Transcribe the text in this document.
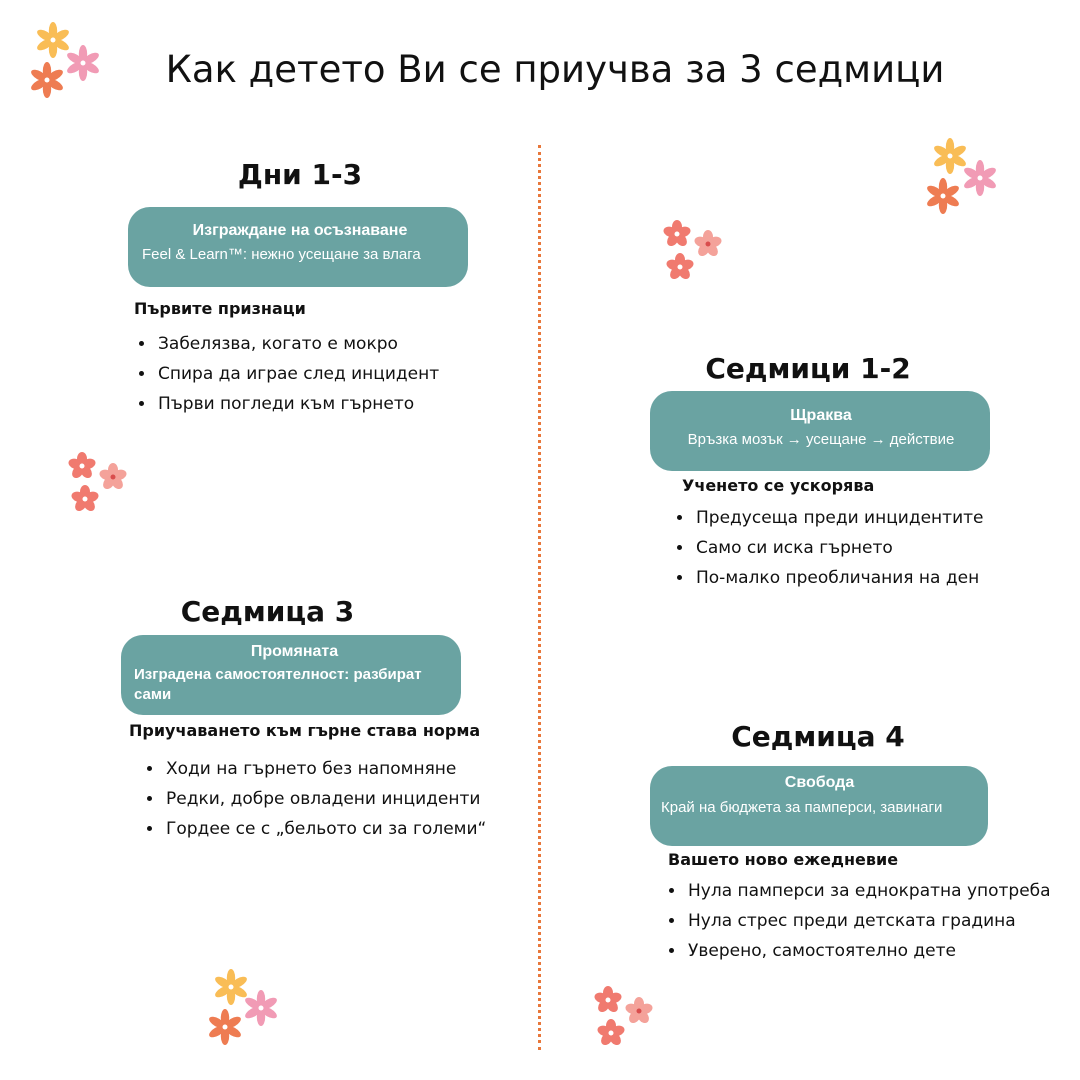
Как детето Ви се приучва за 3 седмици
Дни 1-3
Изграждане на осъзнаване
Feel & Learn™: нежно усещане за влага
Първите признаци
• Забелязва, когато е мокро
• Спира да играе след инцидент
• Първи погледи към гърнето
Седмици 1-2
Щраква
Връзка мозък → усещане → действие
Ученето се ускорява
• Предусеща преди инцидентите
• Само си иска гърнето
• По-малко преобличания на ден
Седмица 3
Промяната
Изградена самостоятелност: разбират сами
Приучаването към гърне става норма
• Ходи на гърнето без напомняне
• Редки, добре овладени инциденти
• Гордее се с „бельото си за големи“
Седмица 4
Свобода
Край на бюджета за памперси, завинаги
Вашето ново ежедневие
• Нула памперси за еднократна употреба
• Нула стрес преди детската градина
• Уверено, самостоятелно дете
